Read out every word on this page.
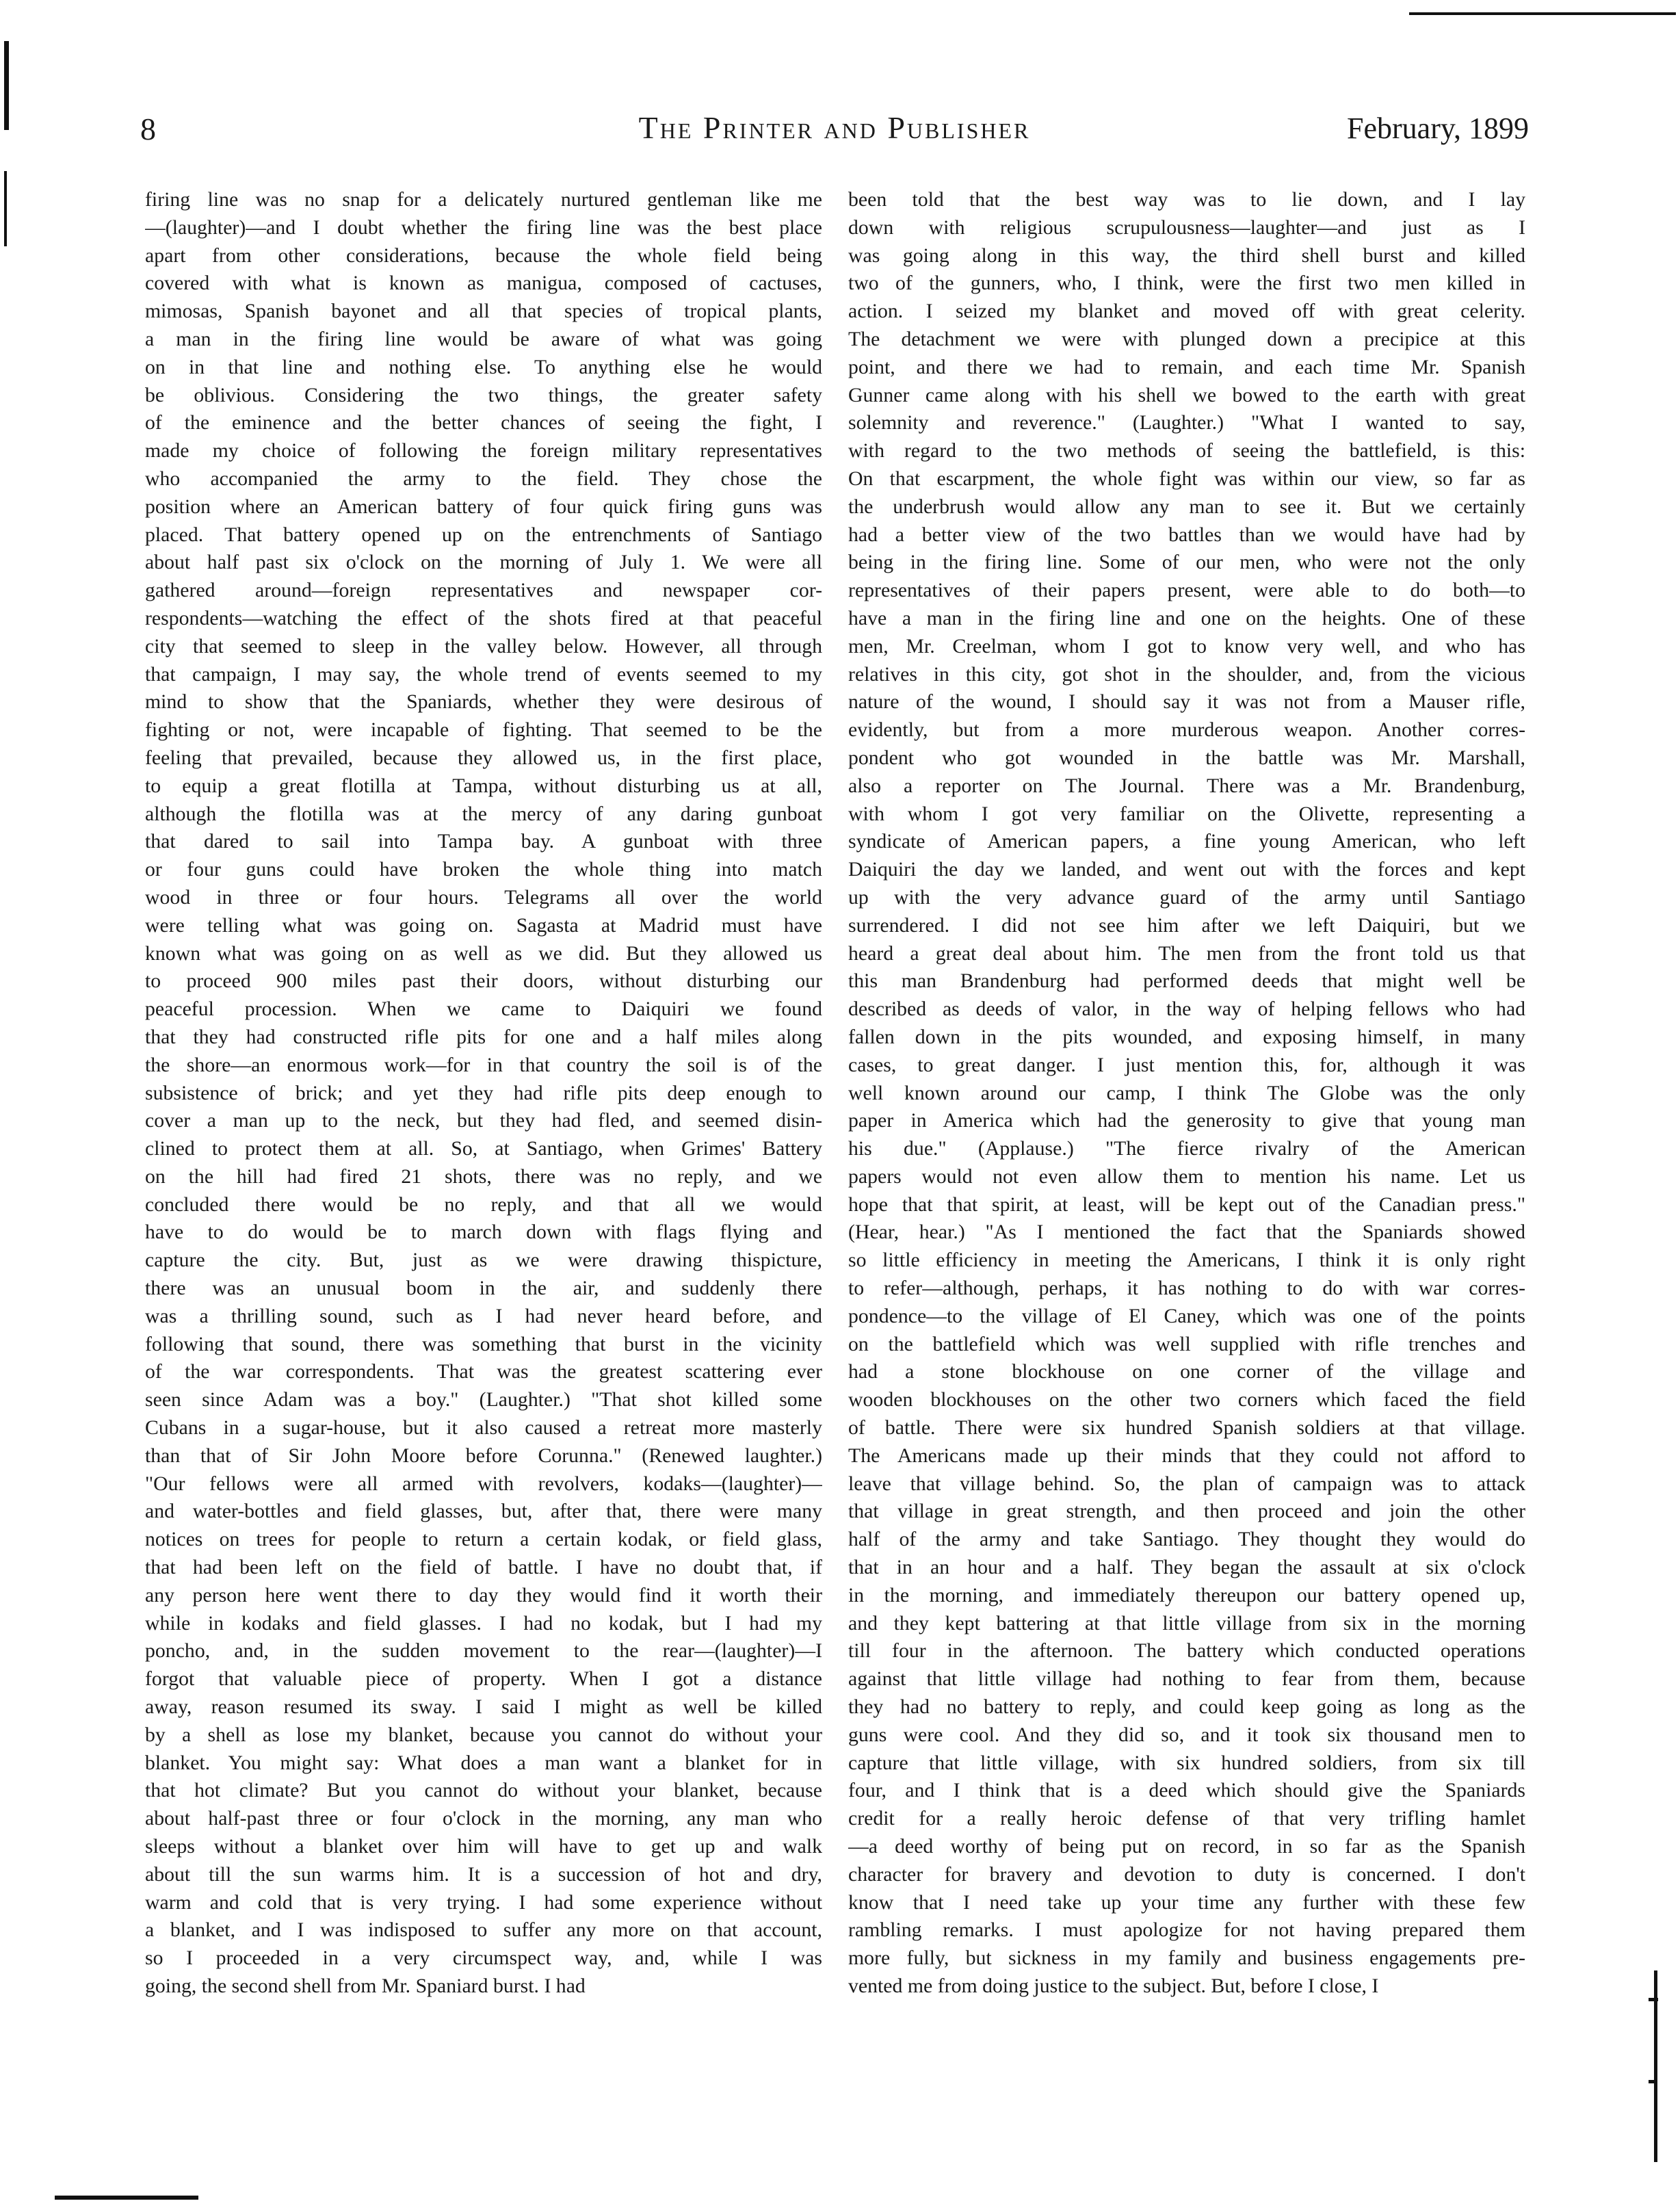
8	The Printer and Publisher	February, 1899
firing line was no snap for a delicately nurtured gentleman like me
—(laughter)—and I doubt whether the firing line was the best place
apart from other considerations, because the whole field being
covered with what is known as manigua, composed of cactuses,
mimosas, Spanish bayonet and all that species of tropical plants,
a man in the firing line would be aware of what was going
on in that line and nothing else. To anything else he would
be oblivious. Considering the two things, the greater safety
of the eminence and the better chances of seeing the fight, I
made my choice of following the foreign military representatives
who accompanied the army to the field. They chose the
position where an American battery of four quick firing guns was
placed. That battery opened up on the entrenchments of Santiago
about half past six o'clock on the morning of July 1. We were all
gathered around—foreign representatives and newspaper cor-
respondents—watching the effect of the shots fired at that peaceful
city that seemed to sleep in the valley below. However, all through
that campaign, I may say, the whole trend of events seemed to my
mind to show that the Spaniards, whether they were desirous of
fighting or not, were incapable of fighting. That seemed to be the
feeling that prevailed, because they allowed us, in the first place,
to equip a great flotilla at Tampa, without disturbing us at all,
although the flotilla was at the mercy of any daring gunboat
that dared to sail into Tampa bay. A gunboat with three
or four guns could have broken the whole thing into match
wood in three or four hours. Telegrams all over the world
were telling what was going on. Sagasta at Madrid must have
known what was going on as well as we did. But they allowed us
to proceed 900 miles past their doors, without disturbing our
peaceful procession. When we came to Daiquiri we found
that they had constructed rifle pits for one and a half miles along
the shore—an enormous work—for in that country the soil is of the
subsistence of brick; and yet they had rifle pits deep enough to
cover a man up to the neck, but they had fled, and seemed disin-
clined to protect them at all. So, at Santiago, when Grimes' Battery
on the hill had fired 21 shots, there was no reply, and we
concluded there would be no reply, and that all we would
have to do would be to march down with flags flying and
capture the city. But, just as we were drawing thispicture,
there was an unusual boom in the air, and suddenly there
was a thrilling sound, such as I had never heard before, and
following that sound, there was something that burst in the vicinity
of the war correspondents. That was the greatest scattering ever
seen since Adam was a boy." (Laughter.) "That shot killed some
Cubans in a sugar-house, but it also caused a retreat more masterly
than that of Sir John Moore before Corunna." (Renewed laughter.)
"Our fellows were all armed with revolvers, kodaks—(laughter)—
and water-bottles and field glasses, but, after that, there were many
notices on trees for people to return a certain kodak, or field glass,
that had been left on the field of battle. I have no doubt that, if
any person here went there to day they would find it worth their
while in kodaks and field glasses. I had no kodak, but I had my
poncho, and, in the sudden movement to the rear—(laughter)—I
forgot that valuable piece of property. When I got a distance
away, reason resumed its sway. I said I might as well be killed
by a shell as lose my blanket, because you cannot do without your
blanket. You might say: What does a man want a blanket for in
that hot climate? But you cannot do without your blanket, because
about half-past three or four o'clock in the morning, any man who
sleeps without a blanket over him will have to get up and walk
about till the sun warms him. It is a succession of hot and dry,
warm and cold that is very trying. I had some experience without
a blanket, and I was indisposed to suffer any more on that account,
so I proceeded in a very circumspect way, and, while I was
going, the second shell from Mr. Spaniard burst. I had
been told that the best way was to lie down, and I lay
down with religious scrupulousness—laughter—and just as I
was going along in this way, the third shell burst and killed
two of the gunners, who, I think, were the first two men killed in
action. I seized my blanket and moved off with great celerity.
The detachment we were with plunged down a precipice at this
point, and there we had to remain, and each time Mr. Spanish
Gunner came along with his shell we bowed to the earth with great
solemnity and reverence." (Laughter.) "What I wanted to say,
with regard to the two methods of seeing the battlefield, is this:
On that escarpment, the whole fight was within our view, so far as
the underbrush would allow any man to see it. But we certainly
had a better view of the two battles than we would have had by
being in the firing line. Some of our men, who were not the only
representatives of their papers present, were able to do both—to
have a man in the firing line and one on the heights. One of these
men, Mr. Creelman, whom I got to know very well, and who has
relatives in this city, got shot in the shoulder, and, from the vicious
nature of the wound, I should say it was not from a Mauser rifle,
evidently, but from a more murderous weapon. Another corres-
pondent who got wounded in the battle was Mr. Marshall,
also a reporter on The Journal. There was a Mr. Brandenburg,
with whom I got very familiar on the Olivette, representing a
syndicate of American papers, a fine young American, who left
Daiquiri the day we landed, and went out with the forces and kept
up with the very advance guard of the army until Santiago
surrendered. I did not see him after we left Daiquiri, but we
heard a great deal about him. The men from the front told us that
this man Brandenburg had performed deeds that might well be
described as deeds of valor, in the way of helping fellows who had
fallen down in the pits wounded, and exposing himself, in many
cases, to great danger. I just mention this, for, although it was
well known around our camp, I think The Globe was the only
paper in America which had the generosity to give that young man
his due." (Applause.) "The fierce rivalry of the American
papers would not even allow them to mention his name. Let us
hope that that spirit, at least, will be kept out of the Canadian press."
(Hear, hear.) "As I mentioned the fact that the Spaniards showed
so little efficiency in meeting the Americans, I think it is only right
to refer—although, perhaps, it has nothing to do with war corres-
pondence—to the village of El Caney, which was one of the points
on the battlefield which was well supplied with rifle trenches and
had a stone blockhouse on one corner of the village and
wooden blockhouses on the other two corners which faced the field
of battle. There were six hundred Spanish soldiers at that village.
The Americans made up their minds that they could not afford to
leave that village behind. So, the plan of campaign was to attack
that village in great strength, and then proceed and join the other
half of the army and take Santiago. They thought they would do
that in an hour and a half. They began the assault at six o'clock
in the morning, and immediately thereupon our battery opened up,
and they kept battering at that little village from six in the morning
till four in the afternoon. The battery which conducted operations
against that little village had nothing to fear from them, because
they had no battery to reply, and could keep going as long as the
guns were cool. And they did so, and it took six thousand men to
capture that little village, with six hundred soldiers, from six till
four, and I think that is a deed which should give the Spaniards
credit for a really heroic defense of that very trifling hamlet
—a deed worthy of being put on record, in so far as the Spanish
character for bravery and devotion to duty is concerned. I don't
know that I need take up your time any further with these few
rambling remarks. I must apologize for not having prepared them
more fully, but sickness in my family and business engagements pre-
vented me from doing justice to the subject. But, before I close, I
